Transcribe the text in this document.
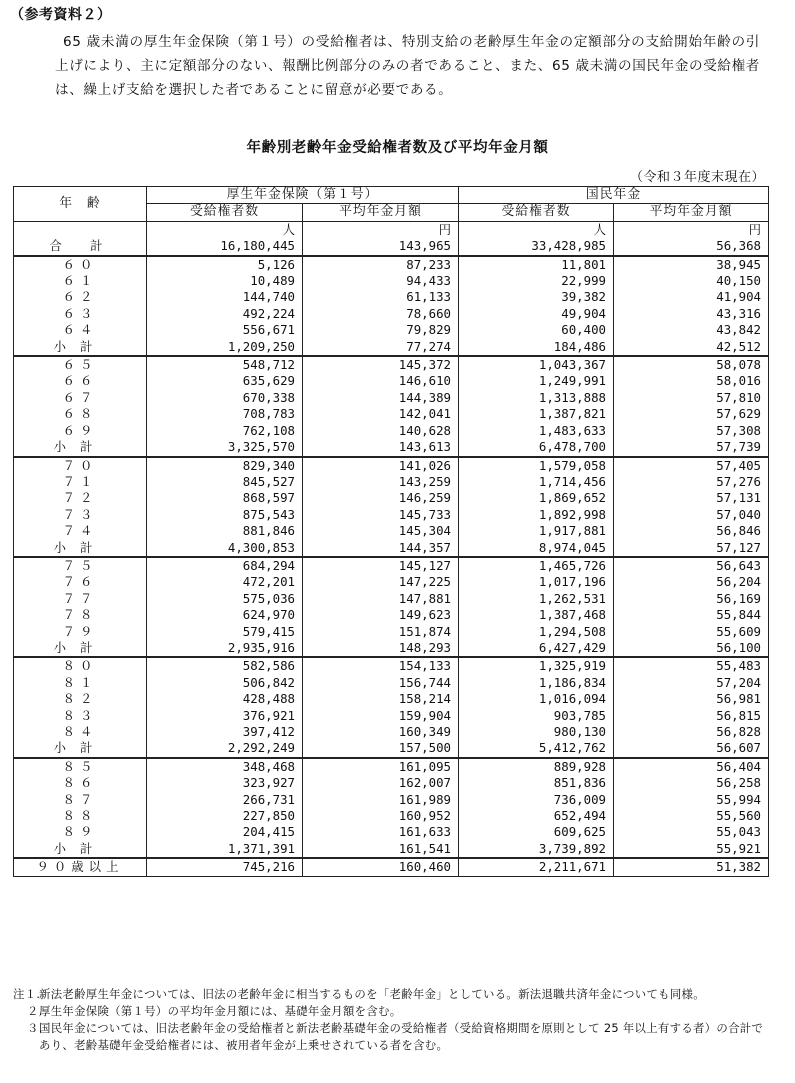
（参考資料２）
65 歳未満の厚生年金保険（第１号）の受給権者は、特別支給の老齢厚生年金の定額部分の支給開始年齢の引上げにより、主に定額部分のない、報酬比例部分のみの者であること、また、65 歳未満の国民年金の受給権者は、繰上げ支給を選択した者であることに留意が必要である。
年齢別老齢年金受給権者数及び平均年金月額
（令和３年度末現在）
年　齢	厚生年金保険（第１号）		国民年金	
	受給権者数	平均年金月額	受給権者数	平均年金月額
	人	円	人	円
合　計	16,180,445	143,965	33,428,985	56,368
６０	5,126	87,233	11,801	38,945
６１	10,489	94,433	22,999	40,150
６２	144,740	61,133	39,382	41,904
６３	492,224	78,660	49,904	43,316
６４	556,671	79,829	60,400	43,842
小計	1,209,250	77,274	184,486	42,512
６５	548,712	145,372	1,043,367	58,078
６６	635,629	146,610	1,249,991	58,016
６７	670,338	144,389	1,313,888	57,810
６８	708,783	142,041	1,387,821	57,629
６９	762,108	140,628	1,483,633	57,308
小計	3,325,570	143,613	6,478,700	57,739
７０	829,340	141,026	1,579,058	57,405
７１	845,527	143,259	1,714,456	57,276
７２	868,597	146,259	1,869,652	57,131
７３	875,543	145,733	1,892,998	57,040
７４	881,846	145,304	1,917,881	56,846
小計	4,300,853	144,357	8,974,045	57,127
７５	684,294	145,127	1,465,726	56,643
７６	472,201	147,225	1,017,196	56,204
７７	575,036	147,881	1,262,531	56,169
７８	624,970	149,623	1,387,468	55,844
７９	579,415	151,874	1,294,508	55,609
小計	2,935,916	148,293	6,427,429	56,100
８０	582,586	154,133	1,325,919	55,483
８１	506,842	156,744	1,186,834	57,204
８２	428,488	158,214	1,016,094	56,981
８３	376,921	159,904	903,785	56,815
８４	397,412	160,349	980,130	56,828
小計	2,292,249	157,500	5,412,762	56,607
８５	348,468	161,095	889,928	56,404
８６	323,927	162,007	851,836	56,258
８７	266,731	161,989	736,009	55,994
８８	227,850	160,952	652,494	55,560
８９	204,415	161,633	609,625	55,043
小計	1,371,391	161,541	3,739,892	55,921
９０歳以上	745,216	160,460	2,211,671	51,382
注１.
新法老齢厚生年金については、旧法の老齢年金に相当するものを「老齢年金」としている。新法退職共済年金についても同様。
２.
厚生年金保険（第１号）の平均年金月額には、基礎年金月額を含む。
３.
国民年金については、旧法老齢年金の受給権者と新法老齢基礎年金の受給権者（受給資格期間を原則として 25 年以上有する者）の合計であり、老齢基礎年金受給権者には、被用者年金が上乗せされている者を含む。
